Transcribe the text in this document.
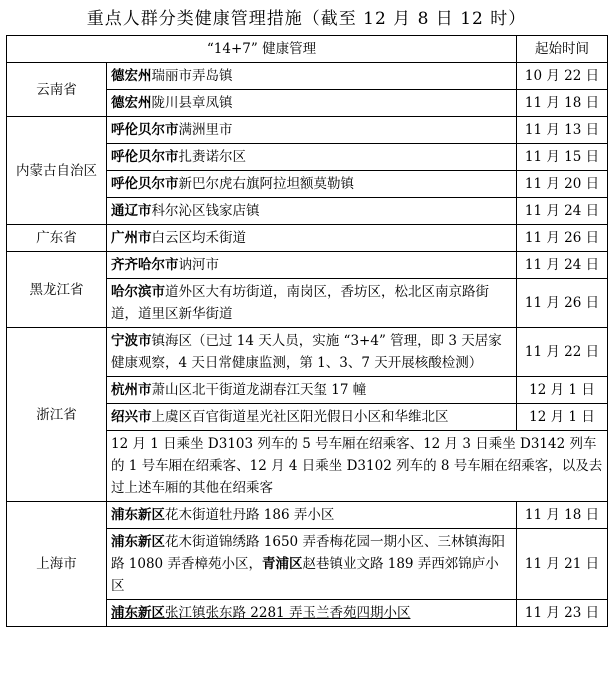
重点人群分类健康管理措施（截至 12 月 8 日 12 时）
“14+7” 健康管理		起始时间
云南省	德宏州瑞丽市弄岛镇	10 月 22 日
	德宏州陇川县章凤镇	11 月 18 日
内蒙古自治区	呼伦贝尔市满洲里市	11 月 13 日
	呼伦贝尔市扎赉诺尔区	11 月 15 日
	呼伦贝尔市新巴尔虎右旗阿拉坦额莫勒镇	11 月 20 日
	通辽市科尔沁区钱家店镇	11 月 24 日
广东省	广州市白云区均禾街道	11 月 26 日
黑龙江省	齐齐哈尔市讷河市	11 月 24 日
	哈尔滨市道外区大有坊街道，南岗区，香坊区，松北区南京路街道，道里区新华街道	11 月 26 日
浙江省	宁波市镇海区（已过 14 天人员，实施 “3+4” 管理，即 3 天居家健康观察，4 天日常健康监测，第 1、3、7 天开展核酸检测）	11 月 22 日
	杭州市萧山区北干街道龙湖春江天玺 17 幢	12 月 1 日
	绍兴市上虞区百官街道星光社区阳光假日小区和华维北区	12 月 1 日
	12 月 1 日乘坐 D3103 列车的 5 号车厢在绍乘客、12 月 3 日乘坐 D3142 列车的 1 号车厢在绍乘客、12 月 4 日乘坐 D3102 列车的 8 号车厢在绍乘客，以及去过上述车厢的其他在绍乘客	
上海市	浦东新区花木街道牡丹路 186 弄小区	11 月 18 日
	浦东新区花木街道锦绣路 1650 弄香梅花园一期小区、三林镇海阳路 1080 弄香樟苑小区，青浦区赵巷镇业文路 189 弄西郊锦庐小区	11 月 21 日
	浦东新区张江镇张东路 2281 弄玉兰香苑四期小区	11 月 23 日
